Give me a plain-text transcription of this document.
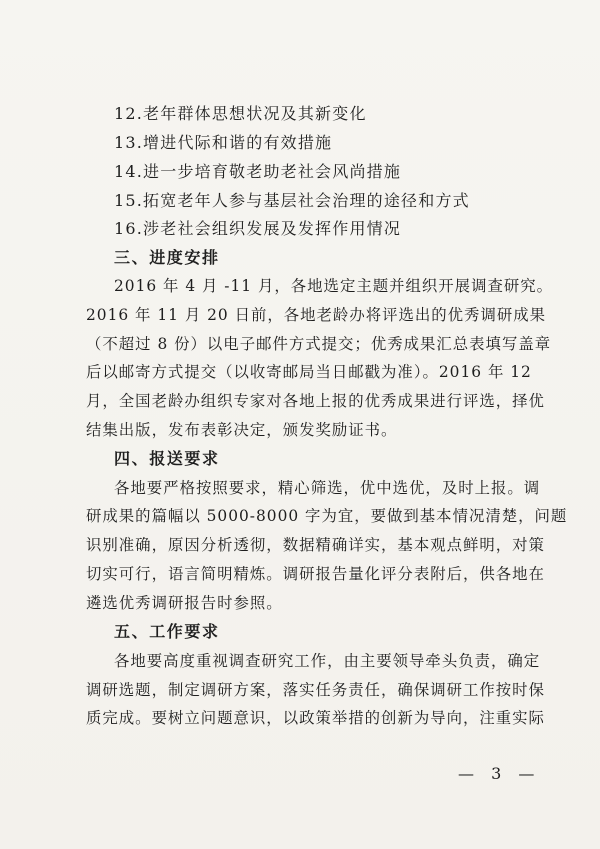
12.老年群体思想状况及其新变化
13.增进代际和谐的有效措施
14.进一步培育敬老助老社会风尚措施
15.拓宽老年人参与基层社会治理的途径和方式
16.涉老社会组织发展及发挥作用情况
三、进度安排
2016 年 4 月 -11 月，各地选定主题并组织开展调查研究。
2016 年 11 月 20 日前，各地老龄办将评选出的优秀调研成果
（不超过 8 份）以电子邮件方式提交；优秀成果汇总表填写盖章
后以邮寄方式提交（以收寄邮局当日邮戳为准）。2016 年 12
月，全国老龄办组织专家对各地上报的优秀成果进行评选，择优
结集出版，发布表彰决定，颁发奖励证书。
四、报送要求
各地要严格按照要求，精心筛选，优中选优，及时上报。调
研成果的篇幅以 5000-8000 字为宜，要做到基本情况清楚，问题
识别准确，原因分析透彻，数据精确详实，基本观点鲜明，对策
切实可行，语言简明精炼。调研报告量化评分表附后，供各地在
遴选优秀调研报告时参照。
五、工作要求
各地要高度重视调查研究工作，由主要领导牵头负责，确定
调研选题，制定调研方案，落实任务责任，确保调研工作按时保
质完成。要树立问题意识，以政策举措的创新为导向，注重实际
— 3 —
